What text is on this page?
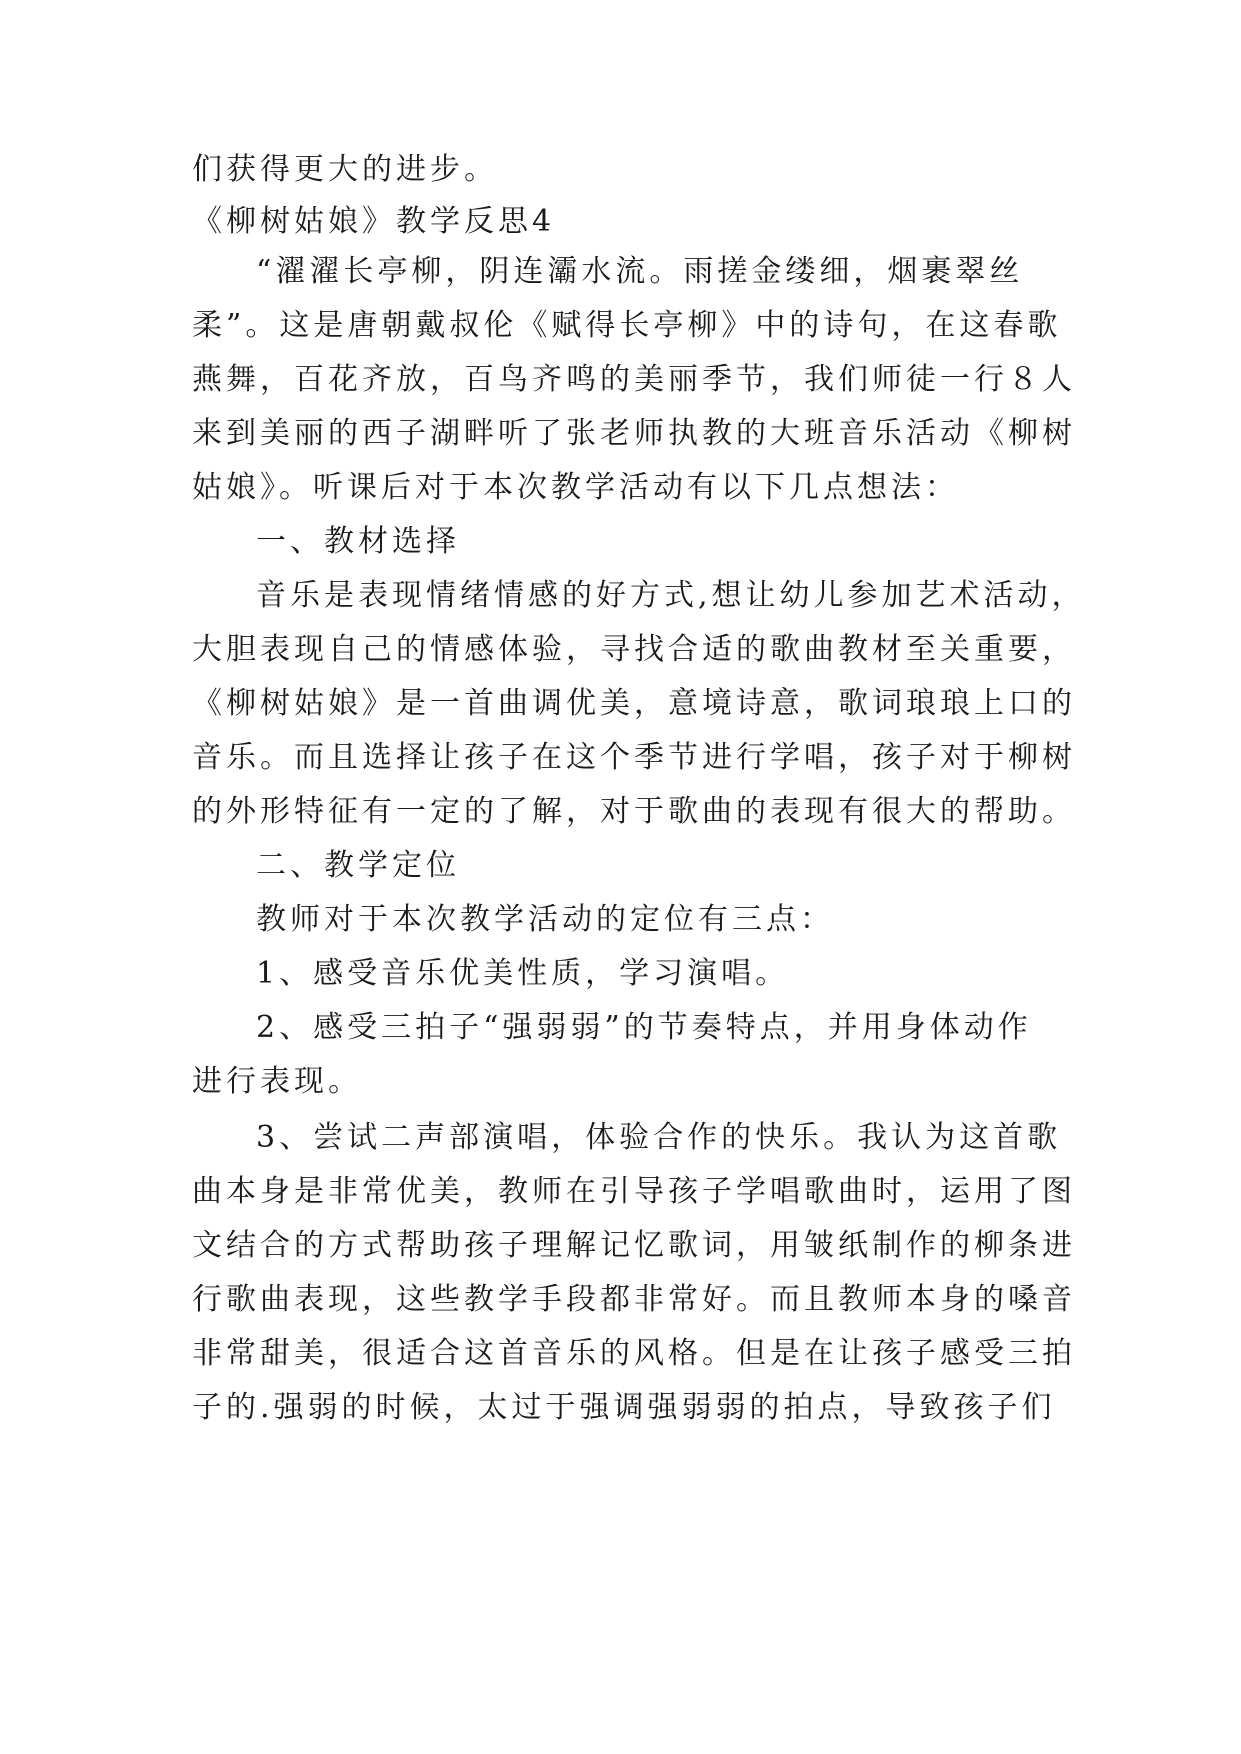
们获得更大的进步。
《柳树姑娘》教学反思4
“濯濯长亭柳，阴连灞水流。雨搓金缕细，烟裹翠丝
柔”。这是唐朝戴叔伦《赋得长亭柳》中的诗句，在这春歌
燕舞，百花齐放，百鸟齐鸣的美丽季节，我们师徒一行８人
来到美丽的西子湖畔听了张老师执教的大班音乐活动《柳树
姑娘》。听课后对于本次教学活动有以下几点想法：
一、教材选择
音乐是表现情绪情感的好方式,想让幼儿参加艺术活动，
大胆表现自己的情感体验，寻找合适的歌曲教材至关重要，
《柳树姑娘》是一首曲调优美，意境诗意，歌词琅琅上口的
音乐。而且选择让孩子在这个季节进行学唱，孩子对于柳树
的外形特征有一定的了解，对于歌曲的表现有很大的帮助。
二、教学定位
教师对于本次教学活动的定位有三点：
1、感受音乐优美性质，学习演唱。
2、感受三拍子“强弱弱”的节奏特点，并用身体动作
进行表现。
3、尝试二声部演唱，体验合作的快乐。我认为这首歌
曲本身是非常优美，教师在引导孩子学唱歌曲时，运用了图
文结合的方式帮助孩子理解记忆歌词，用皱纸制作的柳条进
行歌曲表现，这些教学手段都非常好。而且教师本身的嗓音
非常甜美，很适合这首音乐的风格。但是在让孩子感受三拍
子的.强弱的时候，太过于强调强弱弱的拍点，导致孩子们
